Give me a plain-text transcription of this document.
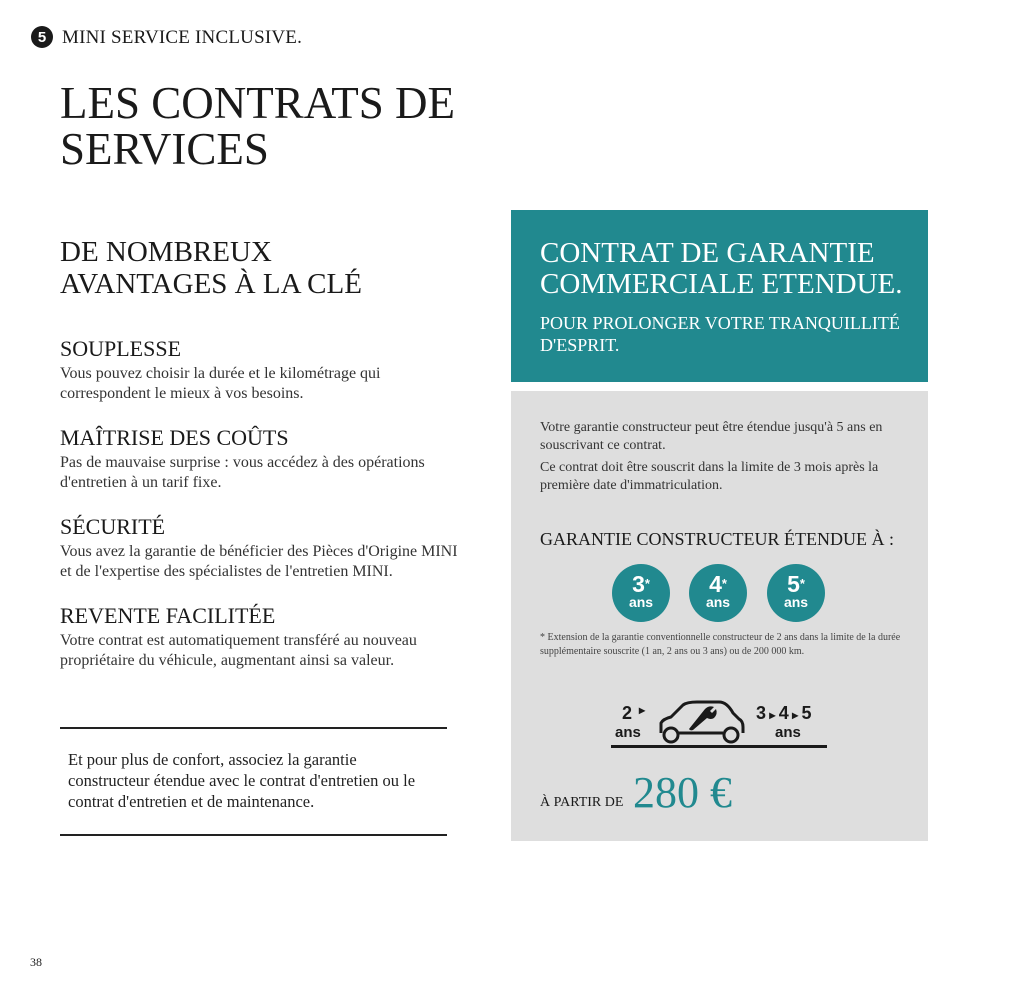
5 MINI SERVICE INCLUSIVE.
LES CONTRATS DE SERVICES
DE NOMBREUX AVANTAGES À LA CLÉ
SOUPLESSE

Vous pouvez choisir la durée et le kilométrage qui correspondent le mieux à vos besoins.

MAÎTRISE DES COÛTS

Pas de mauvaise surprise : vous accédez à des opérations d'entretien à un tarif fixe.

SÉCURITÉ

Vous avez la garantie de bénéficier des Pièces d'Origine MINI et de l'expertise des spécialistes de l'entretien MINI.

REVENTE FACILITÉE

Votre contrat est automatiquement transféré au nouveau propriétaire du véhicule, augmentant ainsi sa valeur.

Et pour plus de confort, associez la garantie constructeur étendue avec le contrat d'entretien ou le contrat d'entretien et de maintenance.
38
CONTRAT DE GARANTIE COMMERCIALE ETENDUE.
POUR PROLONGER VOTRE TRANQUILLITÉ D'ESPRIT.
Votre garantie constructeur peut être étendue jusqu'à 5 ans en souscrivant ce contrat.
Ce contrat doit être souscrit dans la limite de 3 mois après la première date d'immatriculation.
GARANTIE CONSTRUCTEUR ÉTENDUE À :
3*
ans
4*
ans
5*
ans
* Extension de la garantie conventionnelle constructeur de 2 ans dans la limite de la durée supplémentaire souscrite (1 an, 2 ans ou 3 ans) ou de 200 000 km.
2 ▸
ans
3 ▸ 4 ▸ 5
ans
À PARTIR DE 280 €
